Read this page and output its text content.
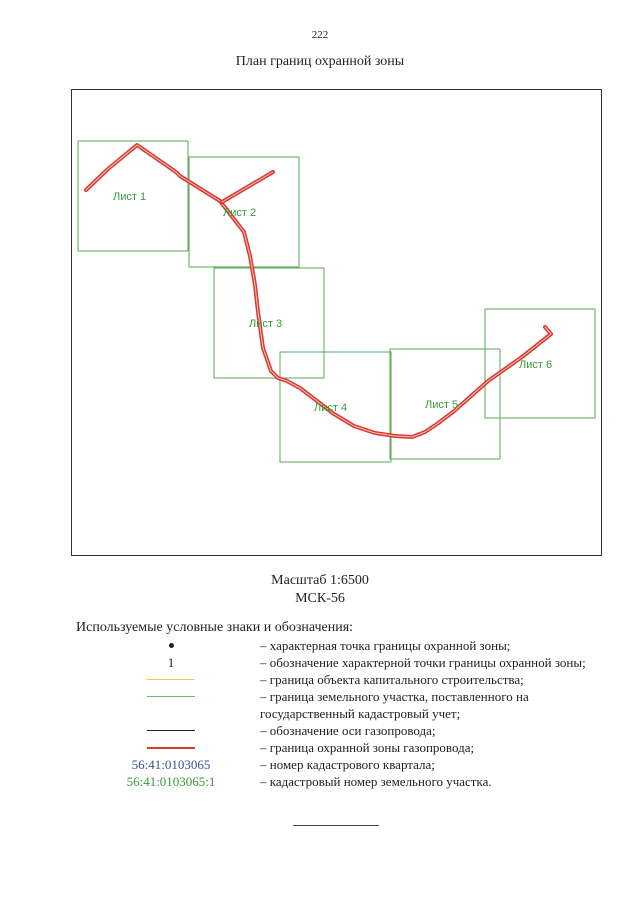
222
План границ охранной зоны
Лист 1
Лист 2
Лист 3
Лист 4	Лист 5
Лист 6
Масштаб 1:6500
МСК-56
Используемые условные знаки и обозначения:
– характерная точка границы охранной зоны;
1	– обозначение характерной точки границы охранной зоны;
– граница объекта капитального строительства;
– граница земельного участка, поставленного на государственный кадастровый учет;
– обозначение оси газопровода;
– граница охранной зоны газопровода;
56:41:0103065	– номер кадастрового квартала;
56:41:0103065:1	– кадастровый номер земельного участка.
